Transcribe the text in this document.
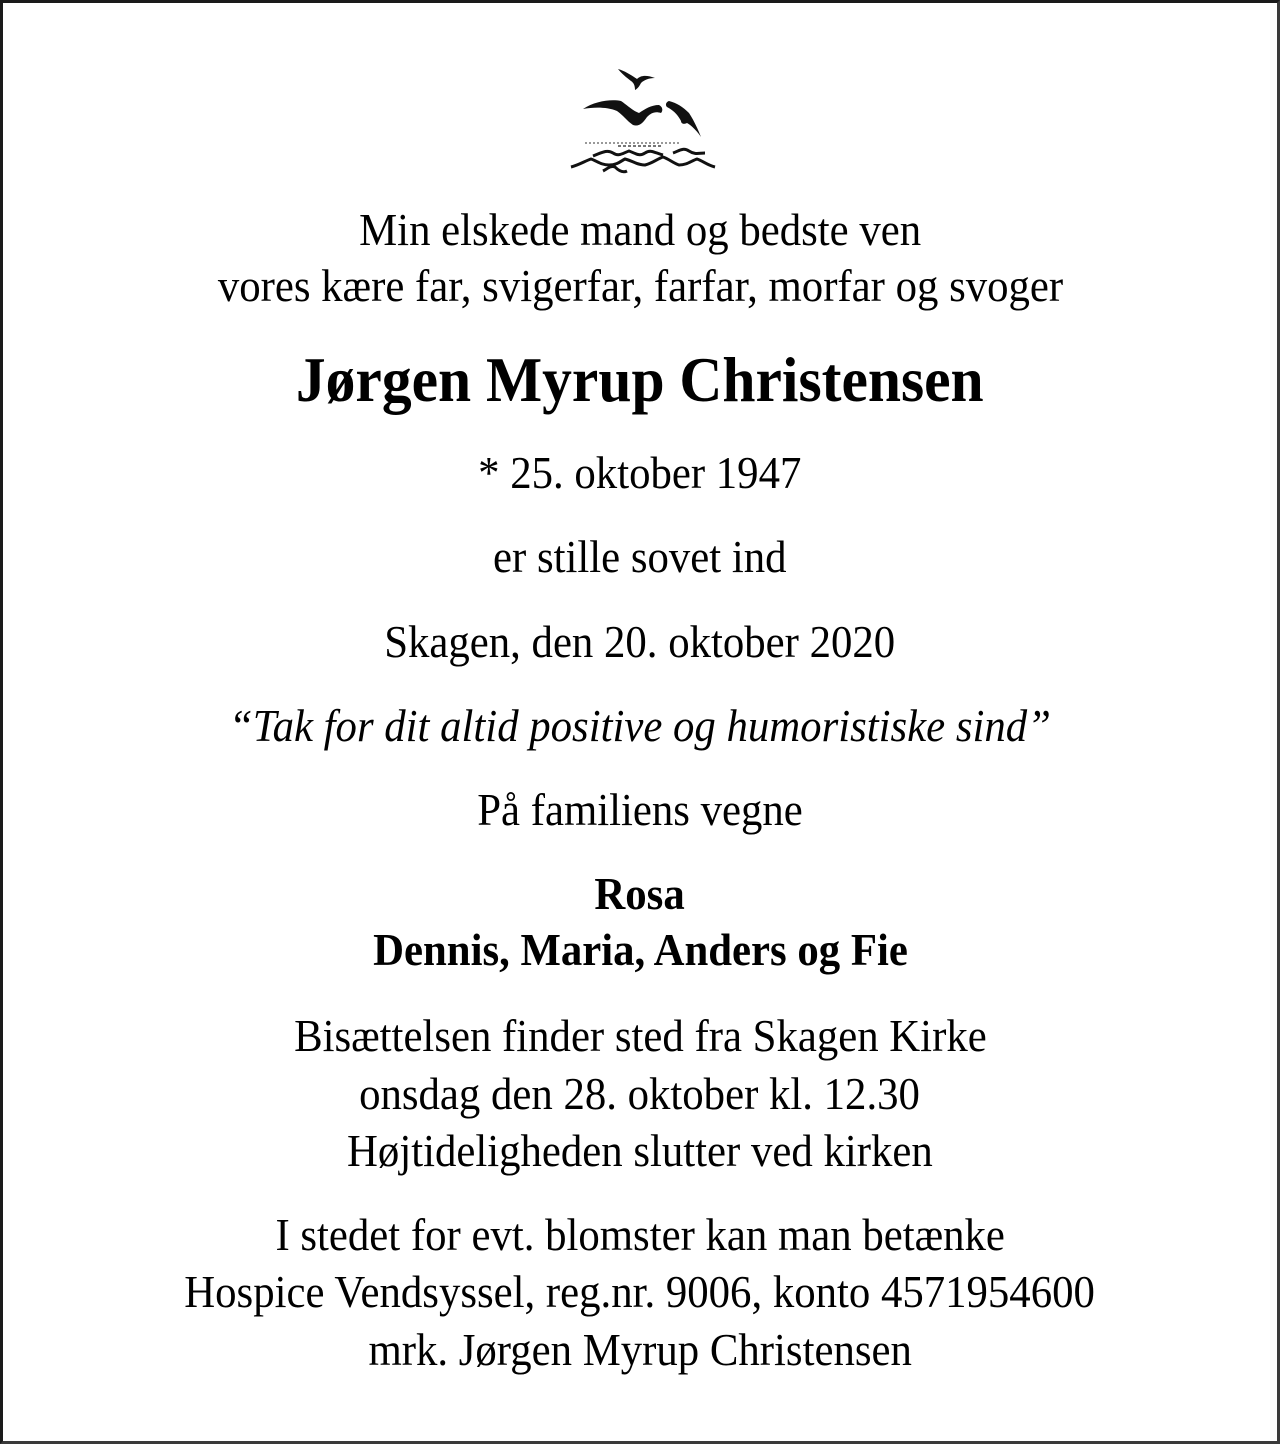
Min elskede mand og bedste ven
vores kære far, svigerfar, farfar, morfar og svoger
Jørgen Myrup Christensen
* 25. oktober 1947
er stille sovet ind
Skagen, den 20. oktober 2020
“Tak for dit altid positive og humoristiske sind”
På familiens vegne
Rosa
Dennis, Maria, Anders og Fie
Bisættelsen finder sted fra Skagen Kirke
onsdag den 28. oktober kl. 12.30
Højtideligheden slutter ved kirken
I stedet for evt. blomster kan man betænke
Hospice Vendsyssel, reg.nr. 9006, konto 4571954600
mrk. Jørgen Myrup Christensen
